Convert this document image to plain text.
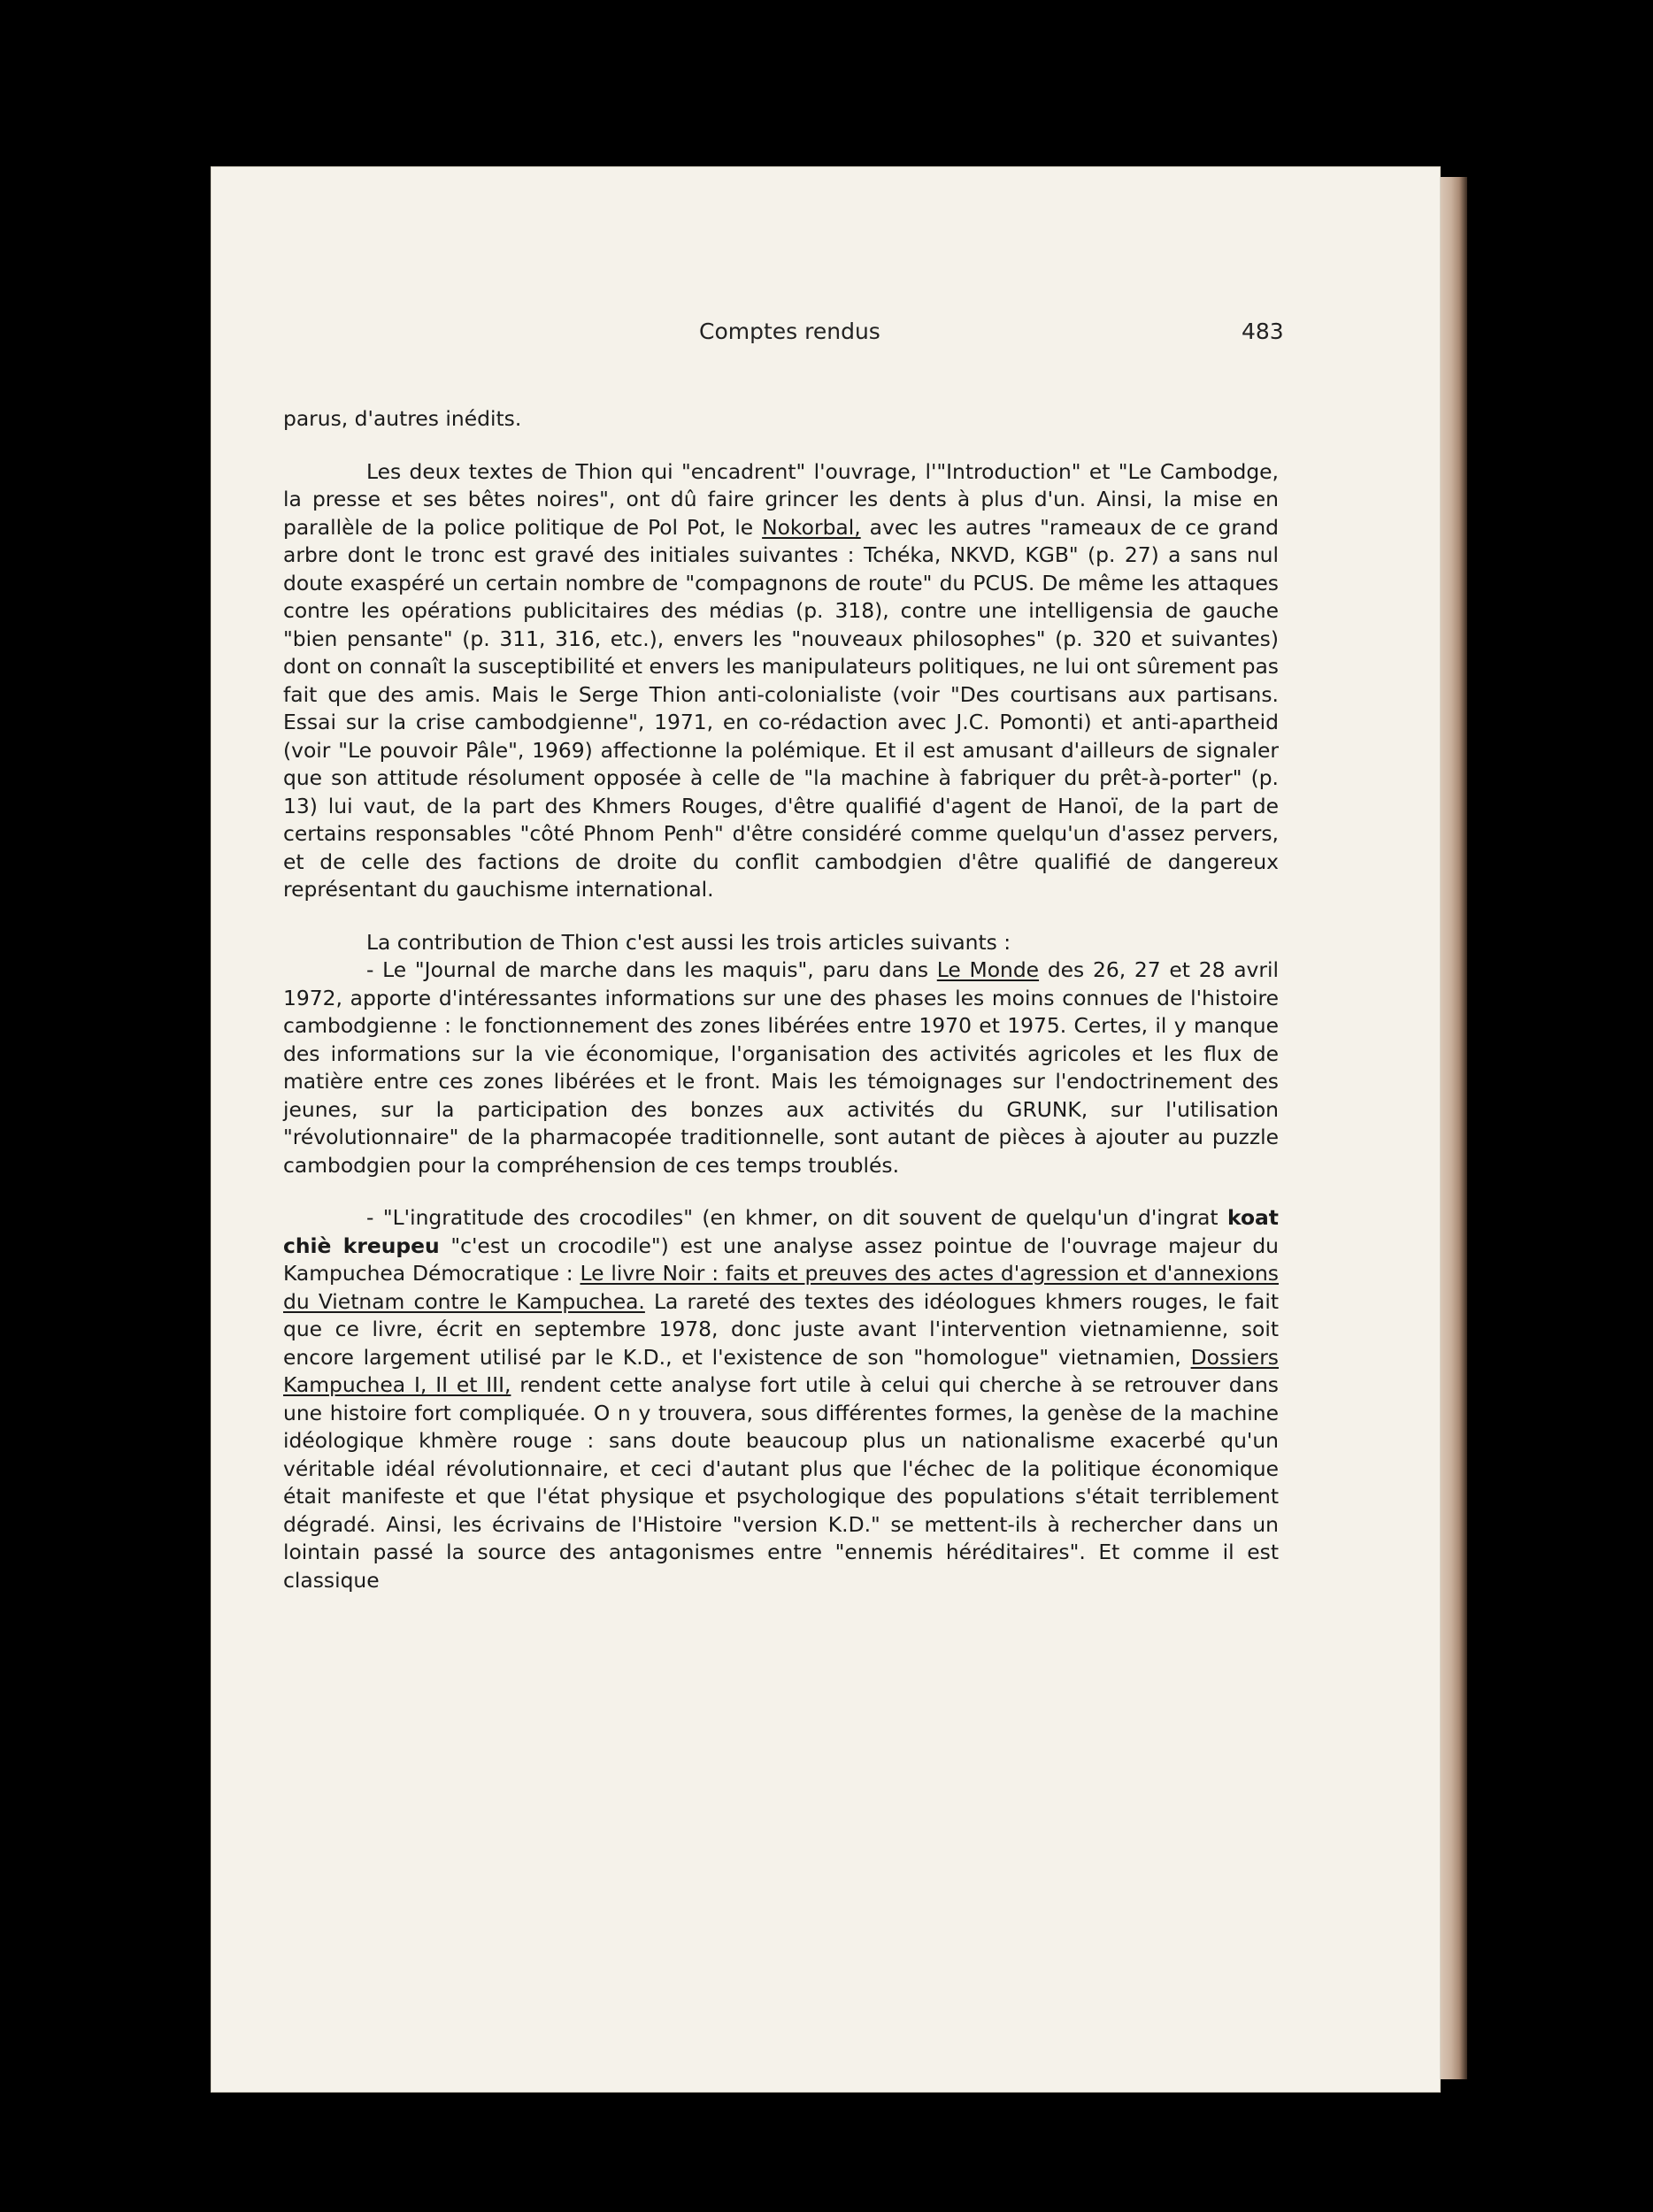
Comptes rendus	483

parus, d'autres inédits.

Les deux textes de Thion qui "encadrent" l'ouvrage, l'"Introduction" et "Le Cambodge, la presse et ses bêtes noires", ont dû faire grincer les dents à plus d'un. Ainsi, la mise en parallèle de la police politique de Pol Pot, le Nokorbal, avec les autres "rameaux de ce grand arbre dont le tronc est gravé des initiales suivantes : Tchéka, NKVD, KGB" (p. 27) a sans nul doute exaspéré un certain nombre de "compagnons de route" du PCUS. De même les attaques contre les opérations publicitaires des médias (p. 318), contre une intelligensia de gauche "bien pensante" (p. 311, 316, etc.), envers les "nouveaux philosophes" (p. 320 et suivantes) dont on connaît la susceptibilité et envers les manipulateurs politiques, ne lui ont sûrement pas fait que des amis. Mais le Serge Thion anti-colonialiste (voir "Des courtisans aux partisans. Essai sur la crise cambodgienne", 1971, en co-rédaction avec J.C. Pomonti) et anti-apartheid (voir "Le pouvoir Pâle", 1969) affectionne la polémique. Et il est amusant d'ailleurs de signaler que son attitude résolument opposée à celle de "la machine à fabriquer du prêt-à-porter" (p. 13) lui vaut, de la part des Khmers Rouges, d'être qualifié d'agent de Hanoï, de la part de certains responsables "côté Phnom Penh" d'être considéré comme quelqu'un d'assez pervers, et de celle des factions de droite du conflit cambodgien d'être qualifié de dangereux représentant du gauchisme international.

La contribution de Thion c'est aussi les trois articles suivants :

- Le "Journal de marche dans les maquis", paru dans Le Monde des 26, 27 et 28 avril 1972, apporte d'intéressantes informations sur une des phases les moins connues de l'histoire cambodgienne : le fonctionnement des zones libérées entre 1970 et 1975. Certes, il y manque des informations sur la vie économique, l'organisation des activités agricoles et les flux de matière entre ces zones libérées et le front. Mais les témoignages sur l'endoctrinement des jeunes, sur la participation des bonzes aux activités du GRUNK, sur l'utilisation "révolutionnaire" de la pharmacopée traditionnelle, sont autant de pièces à ajouter au puzzle cambodgien pour la compréhension de ces temps troublés.

- "L'ingratitude des crocodiles" (en khmer, on dit souvent de quelqu'un d'ingrat koat chiè kreupeu "c'est un crocodile") est une analyse assez pointue de l'ouvrage majeur du Kampuchea Démocratique : Le livre Noir : faits et preuves des actes d'agression et d'annexions du Vietnam contre le Kampuchea. La rareté des textes des idéologues khmers rouges, le fait que ce livre, écrit en septembre 1978, donc juste avant l'intervention vietnamienne, soit encore largement utilisé par le K.D., et l'existence de son "homologue" vietnamien, Dossiers Kampuchea I, II et III, rendent cette analyse fort utile à celui qui cherche à se retrouver dans une histoire fort compliquée. O n y trouvera, sous différentes formes, la genèse de la machine idéologique khmère rouge : sans doute beaucoup plus un nationalisme exacerbé qu'un véritable idéal révolutionnaire, et ceci d'autant plus que l'échec de la politique économique était manifeste et que l'état physique et psychologique des populations s'était terriblement dégradé. Ainsi, les écrivains de l'Histoire "version K.D." se mettent-ils à rechercher dans un lointain passé la source des antagonismes entre "ennemis héréditaires". Et comme il est classique
